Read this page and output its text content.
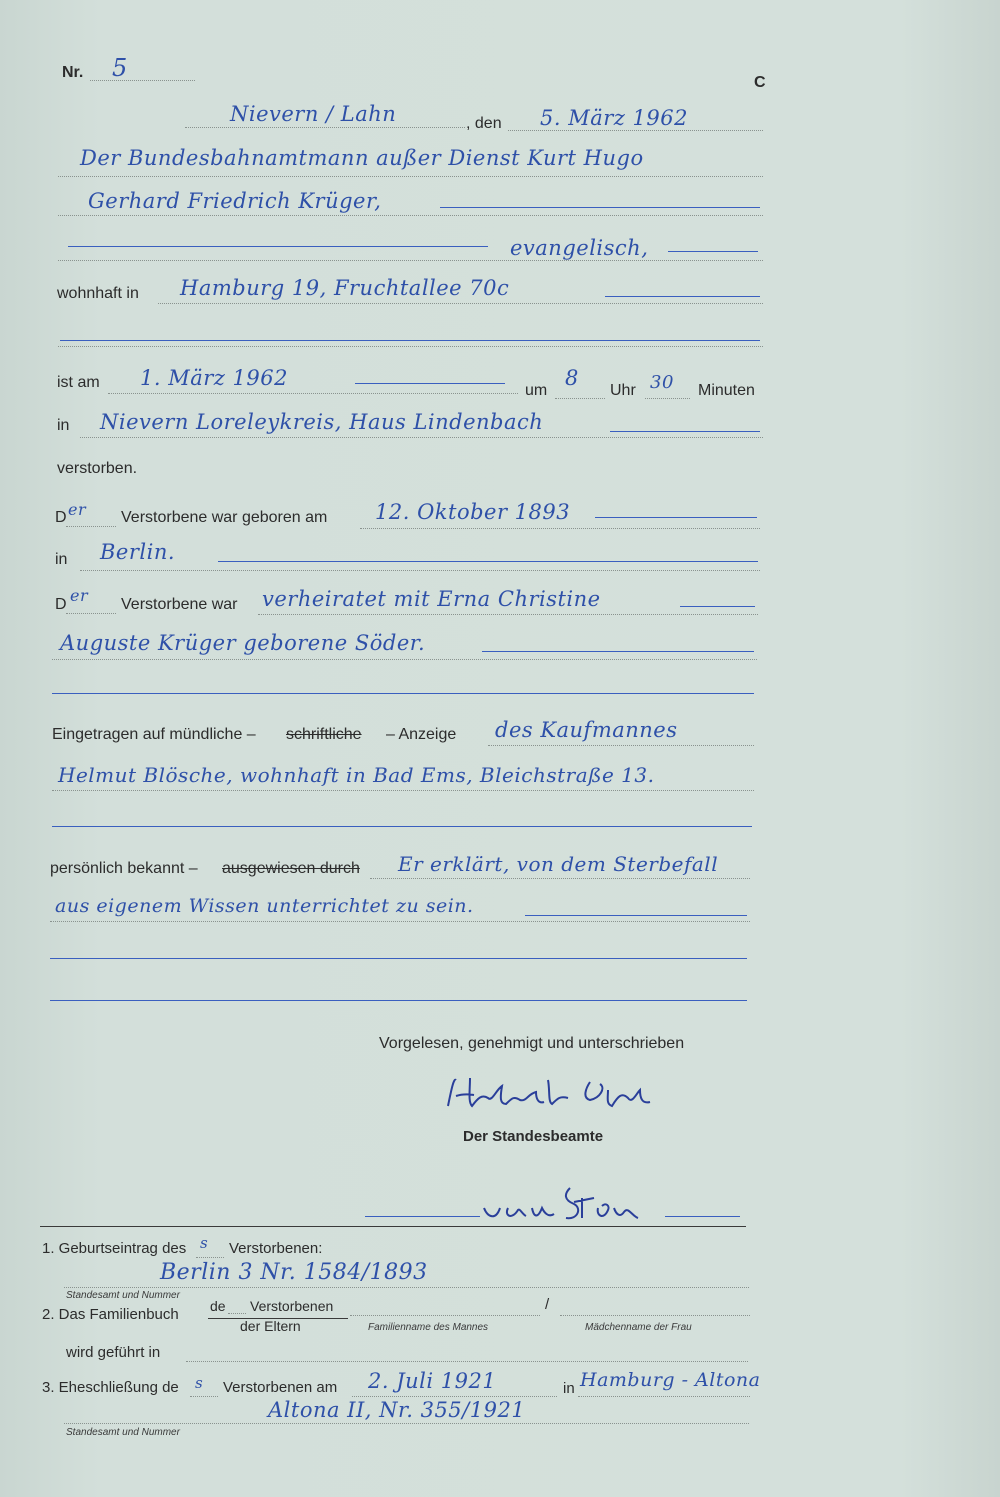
Nr. 5
C
Nievern / Lahn	, den 5. März 1962
Der Bundesbahnamtmann außer Dienst Kurt Hugo
Gerhard Friedrich Krüger,
evangelisch,
wohnhaft in Hamburg 19, Fruchtallee 70c
ist am 1. März 1962
um
8
Uhr 30 Minuten
in Nievern Loreleykreis, Haus Lindenbach
verstorben.
D er Verstorbene war geboren am 12. Oktober 1893
in Berlin.
D er Verstorbene war verheiratet mit Erna Christine
Auguste Krüger geborene Söder.
Eingetragen auf mündliche – schriftliche – Anzeige des Kaufmannes
Helmut Blösche, wohnhaft in Bad Ems, Bleichstraße 13.
persönlich bekannt – ausgewiesen durch Er erklärt, von dem Sterbefall
aus eigenem Wissen unterrichtet zu sein.
Vorgelesen, genehmigt und unterschrieben
Helmut Blösche
Der Standesbeamte
1. Geburtseintrag des s Verstorbenen:
Berlin 3 Nr. 1584/1893
Standesamt und Nummer
2. Das Familienbuch de Verstorbenen
der Eltern
/
Familienname des Mannes	Mädchenname der Frau
wird geführt in
3. Eheschließung de s Verstorbenen am 2. Juli 1921	in Hamburg - Altona
Altona II, Nr. 355/1921
Standesamt und Nummer
